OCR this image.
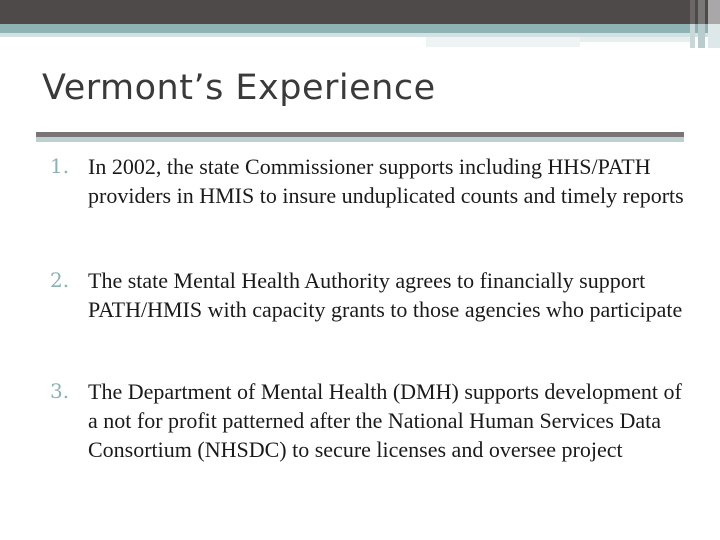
Vermont’s Experience
1. In 2002, the state Commissioner supports including HHS/PATH providers in HMIS to insure unduplicated counts and timely reports
2. The state Mental Health Authority agrees to financially support PATH/HMIS with capacity grants to those agencies who participate
3. The Department of Mental Health (DMH) supports development of a not for profit patterned after the National Human Services Data Consortium (NHSDC) to secure licenses and oversee project
